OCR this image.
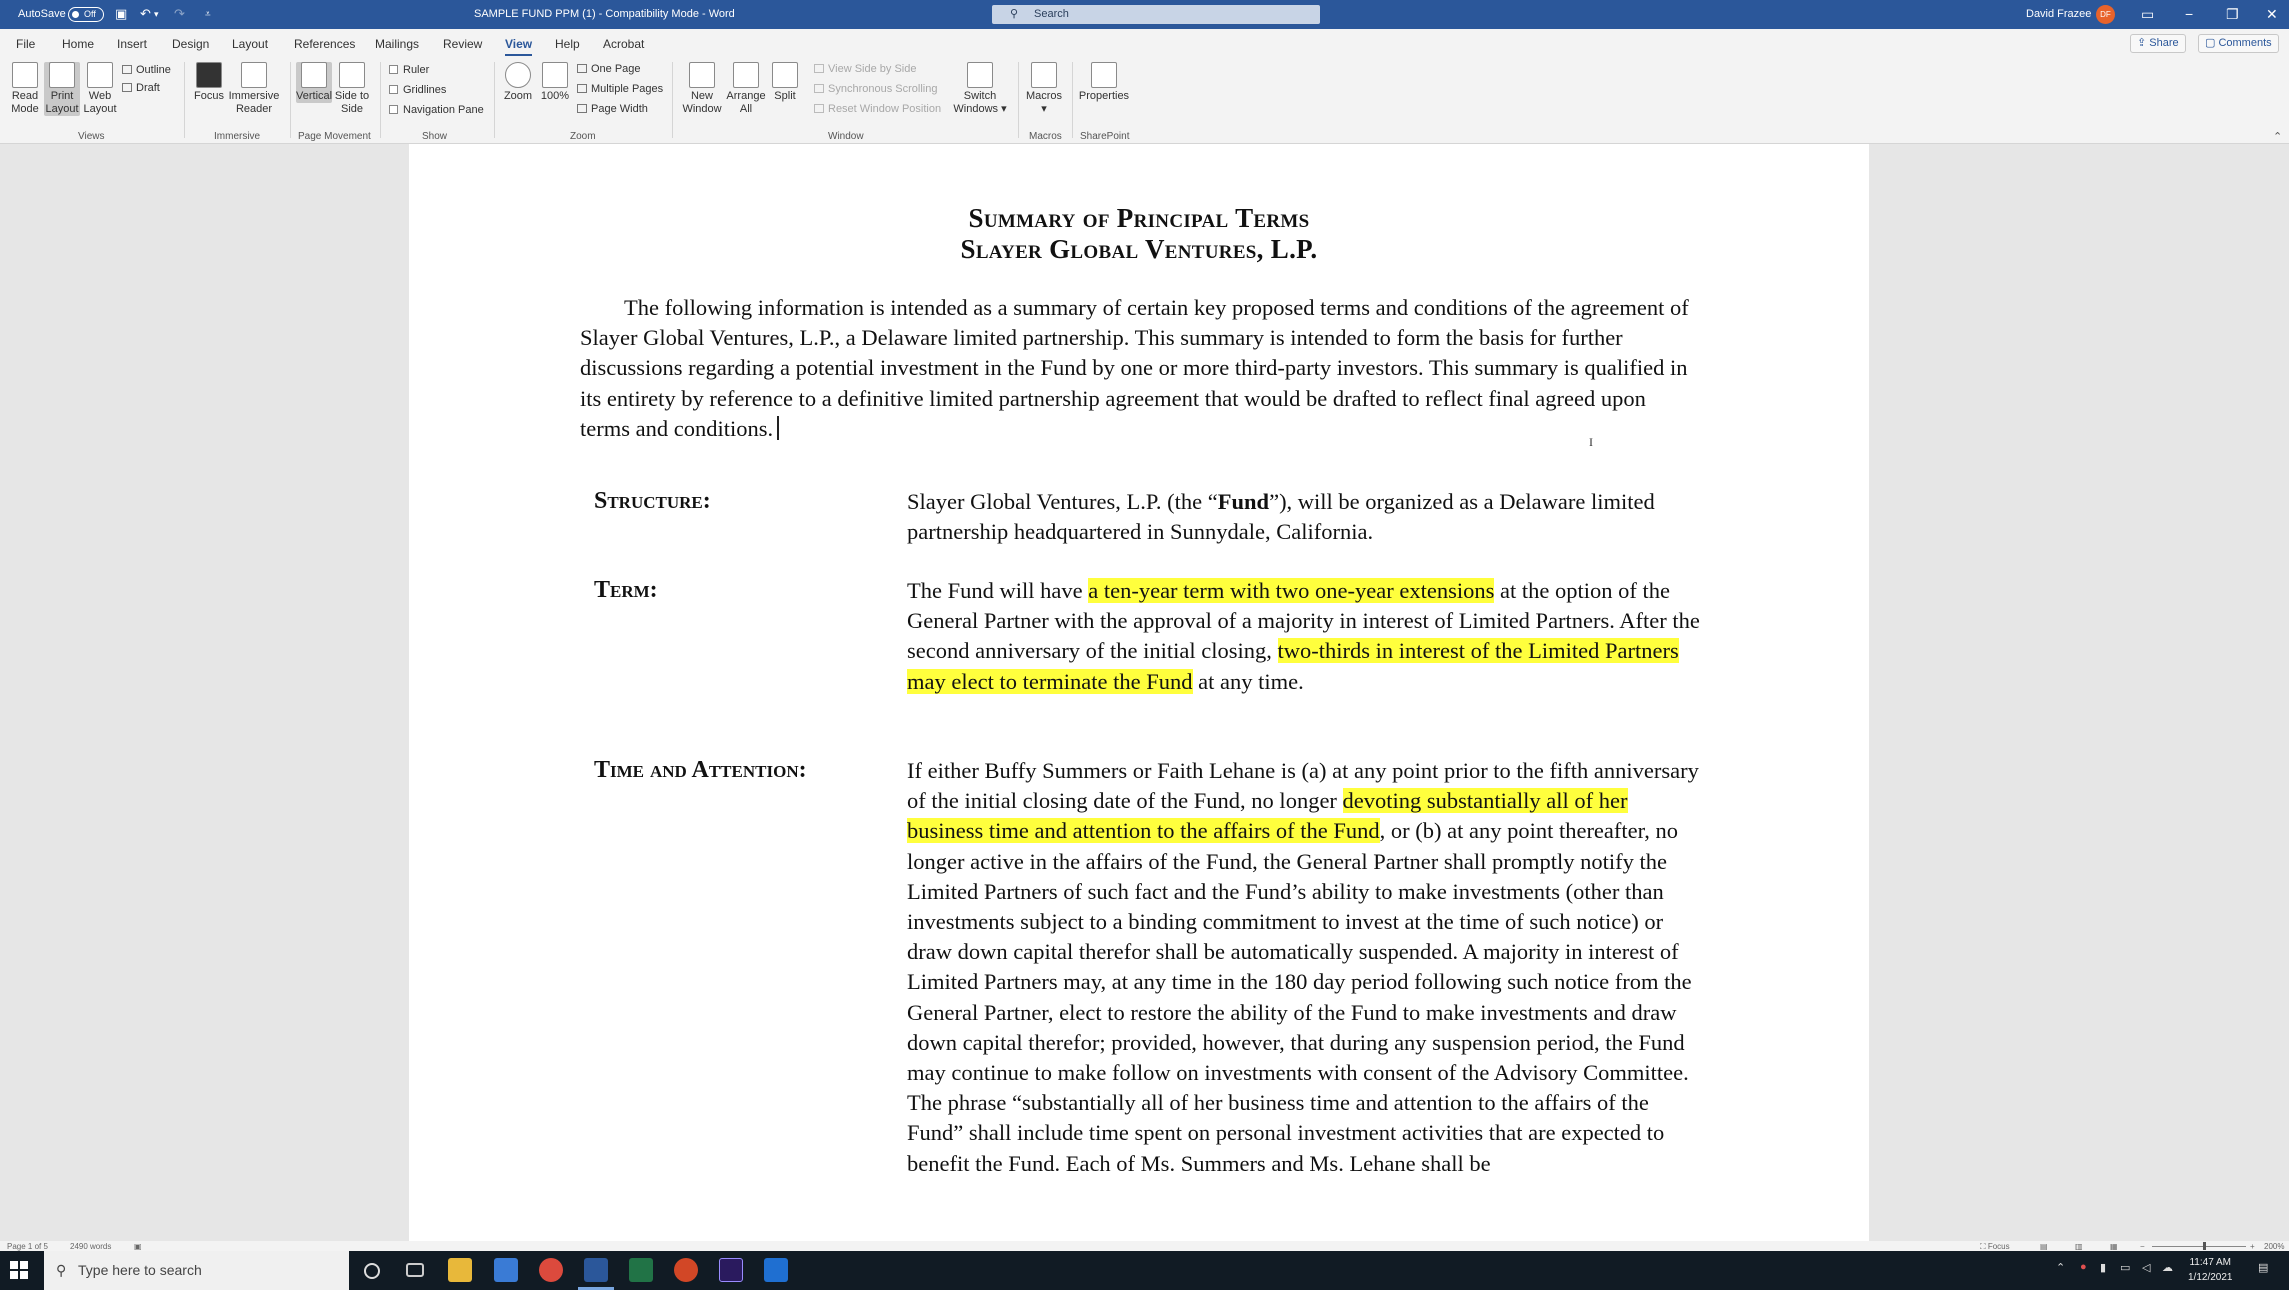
AutoSave	Off	▣ ↶ ▾ ↷ ⩡	SAMPLE FUND PPM (1) - Compatibility Mode - Word	⚲ Search	David Frazee	DF ▭ − ❐ ✕
File Home Insert Design Layout References Mailings Review View Help Acrobat	⇪ Share	▢ Comments
Read Mode
Print Layout
Web Layout
Outline
Draft
Views
Focus Immersive Reader
Immersive
Vertical Side to Side
Page Movement
Ruler
Gridlines
Navigation Pane
Show
Zoom 100%
One Page
Multiple Pages
Page Width
Zoom
New Window
Arrange All
Split
View Side by Side
Synchronous Scrolling
Reset Window Position
Switch Windows ▾
Window
Macros
▾
Macros
Properties
SharePoint	⌃
Summary of Principal Terms
Slayer Global Ventures, L.P.

The following information is intended as a summary of certain key proposed terms and conditions of the agreement of Slayer Global Ventures, L.P., a Delaware limited partnership. This summary is intended to form the basis for further discussions regarding a potential investment in the Fund by one or more third-party investors. This summary is qualified in its entirety by reference to a definitive limited partnership agreement that would be drafted to reflect final agreed upon terms and conditions.

I
Structure:	Slayer Global Ventures, L.P. (the “Fund”), will be organized as a Delaware limited partnership headquartered in Sunnydale, California.

Term:	The Fund will have a ten-year term with two one-year extensions at the option of the General Partner with the approval of a majority in interest of Limited Partners. After the second anniversary of the initial closing, two-thirds in interest of the Limited Partners may elect to terminate the Fund at any time.

Time and Attention:	If either Buffy Summers or Faith Lehane is (a) at any point prior to the fifth anniversary of the initial closing date of the Fund, no longer devoting substantially all of her business time and attention to the affairs of the Fund, or (b) at any point thereafter, no longer active in the affairs of the Fund, the General Partner shall promptly notify the Limited Partners of such fact and the Fund’s ability to make investments (other than investments subject to a binding commitment to invest at the time of such notice) or draw down capital therefor shall be automatically suspended. A majority in interest of Limited Partners may, at any time in the 180 day period following such notice from the General Partner, elect to restore the ability of the Fund to make investments and draw down capital therefor; provided, however, that during any suspension period, the Fund may continue to make follow on investments with consent of the Advisory Committee. The phrase “substantially all of her business time and attention to the affairs of the Fund” shall include time spent on personal investment activities that are expected to benefit the Fund. Each of Ms. Summers and Ms. Lehane shall be

Page 1 of 5	2490 words	▣	⛶ Focus	▤	▥	▦	−	+ 200%
⚲ Type here to search	⌃ ● ▮ ▭ ◁ ☁ 11:47 AM
1/12/2021
▤
